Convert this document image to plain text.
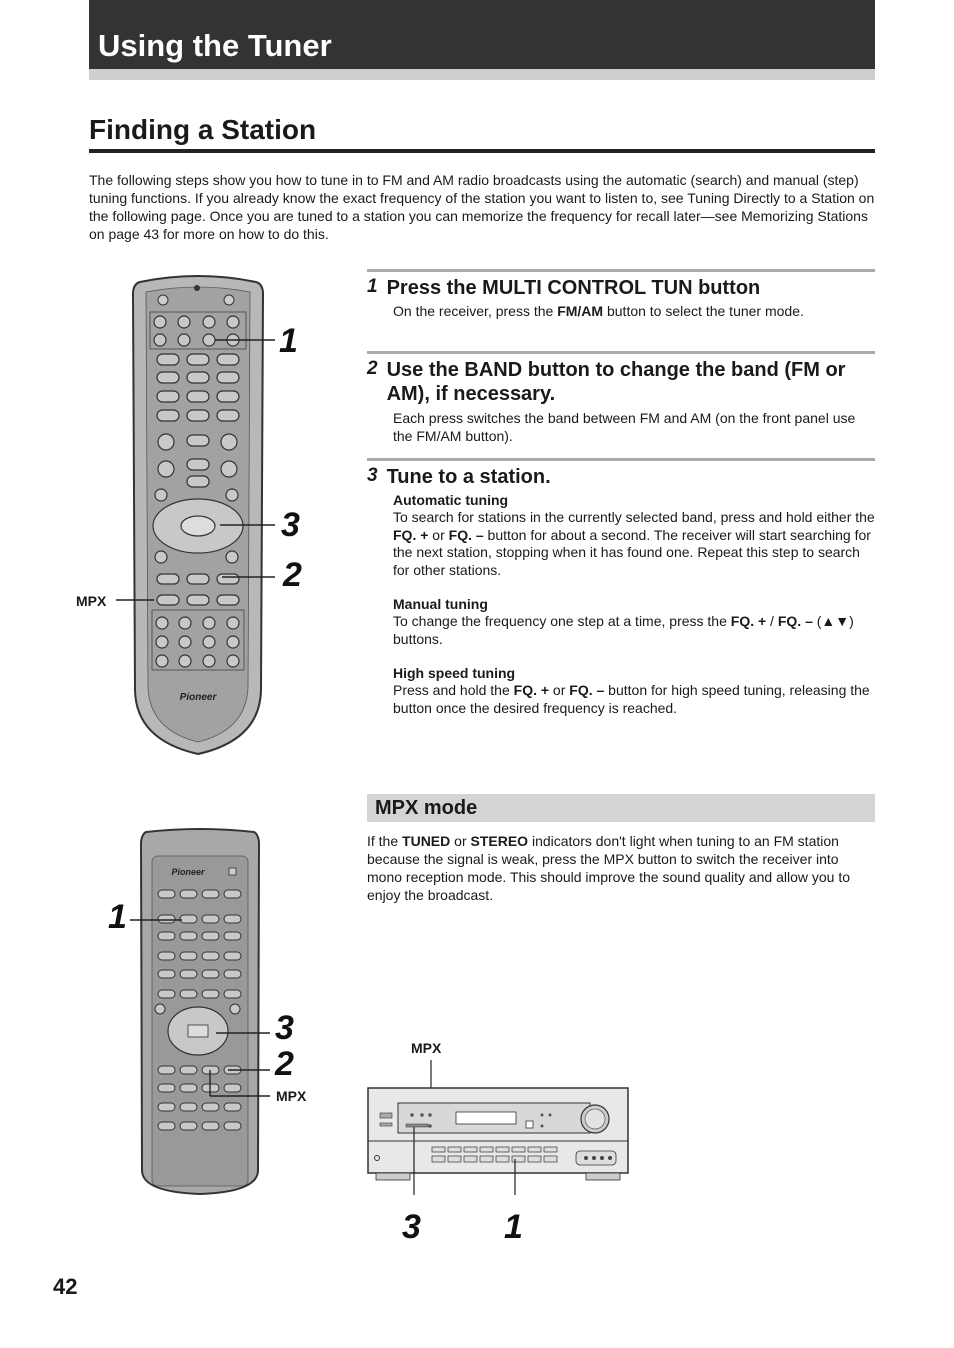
Using the Tuner
Finding a Station

The following steps show you how to tune in to FM and AM radio broadcasts using the automatic (search) and manual (step) tuning functions. If you already know the exact frequency of the station you want to listen to, see Tuning Directly to a Station on the following page. Once you are tuned to a station you can memorize the frequency for recall later—see Memorizing Stations on page 43 for more on how to do this.

1 Press the MULTI CONTROL TUN button

On the receiver, press the FM/AM button to select the tuner mode.

2 Use the BAND button to change the band (FM or AM), if necessary.

Each press switches the band between FM and AM (on the front panel use the FM/AM button).

3 Tune to a station.

Automatic tuning

To search for stations in the currently selected band, press and hold either the FQ. + or FQ. – button for about a second. The receiver will start searching for the next station, stopping when it has found one. Repeat this step to search for other stations.

Manual tuning

To change the frequency one step at a time, press the FQ. + / FQ. – (▲▼) buttons.

High speed tuning

Press and hold the FQ. + or FQ. – button for high speed tuning, releasing the button once the desired frequency is reached.

MPX mode

If the TUNED or STEREO indicators don't light when tuning to an FM station because the signal is weak, press the MPX button to switch the receiver into mono reception mode. This should improve the sound quality and allow you to enjoy the broadcast.

Pioneer
1
3
2
MPX
Pioneer
1
3
2
MPX
MPX
3 1
42
